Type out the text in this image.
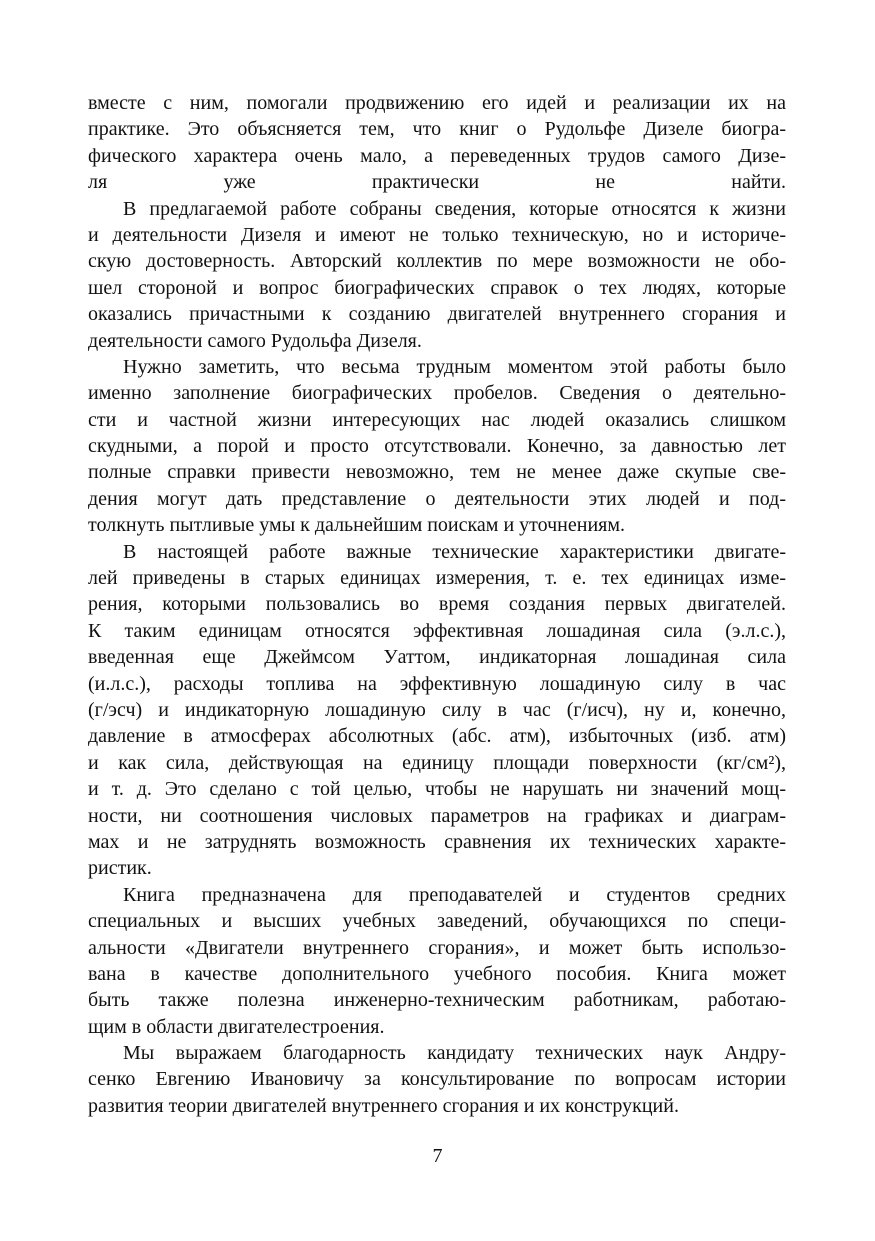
вместе с ним, помогали продвижению его идей и реализации их на
практике. Это объясняется тем, что книг о Рудольфе Дизеле биогра-
фического характера очень мало, а переведенных трудов самого Дизе-
ля уже практически не найти.
В предлагаемой работе собраны сведения, которые относятся к жизни
и деятельности Дизеля и имеют не только техническую, но и историче-
скую достоверность. Авторский коллектив по мере возможности не обо-
шел стороной и вопрос биографических справок о тех людях, которые
оказались причастными к созданию двигателей внутреннего сгорания и
деятельности самого Рудольфа Дизеля.
Нужно заметить, что весьма трудным моментом этой работы было
именно заполнение биографических пробелов. Сведения о деятельно-
сти и частной жизни интересующих нас людей оказались слишком
скудными, а порой и просто отсутствовали. Конечно, за давностью лет
полные справки привести невозможно, тем не менее даже скупые све-
дения могут дать представление о деятельности этих людей и под-
толкнуть пытливые умы к дальнейшим поискам и уточнениям.
В настоящей работе важные технические характеристики двигате-
лей приведены в старых единицах измерения, т. е. тех единицах изме-
рения, которыми пользовались во время создания первых двигателей.
К таким единицам относятся эффективная лошадиная сила (э.л.с.),
введенная еще Джеймсом Уаттом, индикаторная лошадиная сила
(и.л.с.), расходы топлива на эффективную лошадиную силу в час
(г/эсч) и индикаторную лошадиную силу в час (г/исч), ну и, конечно,
давление в атмосферах абсолютных (абс. атм), избыточных (изб. атм)
и как сила, действующая на единицу площади поверхности (кг/см²),
и т. д. Это сделано с той целью, чтобы не нарушать ни значений мощ-
ности, ни соотношения числовых параметров на графиках и диаграм-
мах и не затруднять возможность сравнения их технических характе-
ристик.
Книга предназначена для преподавателей и студентов средних
специальных и высших учебных заведений, обучающихся по специ-
альности «Двигатели внутреннего сгорания», и может быть использо-
вана в качестве дополнительного учебного пособия. Книга может
быть также полезна инженерно-техническим работникам, работаю-
щим в области двигателестроения.
Мы выражаем благодарность кандидату технических наук Андру-
сенко Евгению Ивановичу за консультирование по вопросам истории
развития теории двигателей внутреннего сгорания и их конструкций.
7
